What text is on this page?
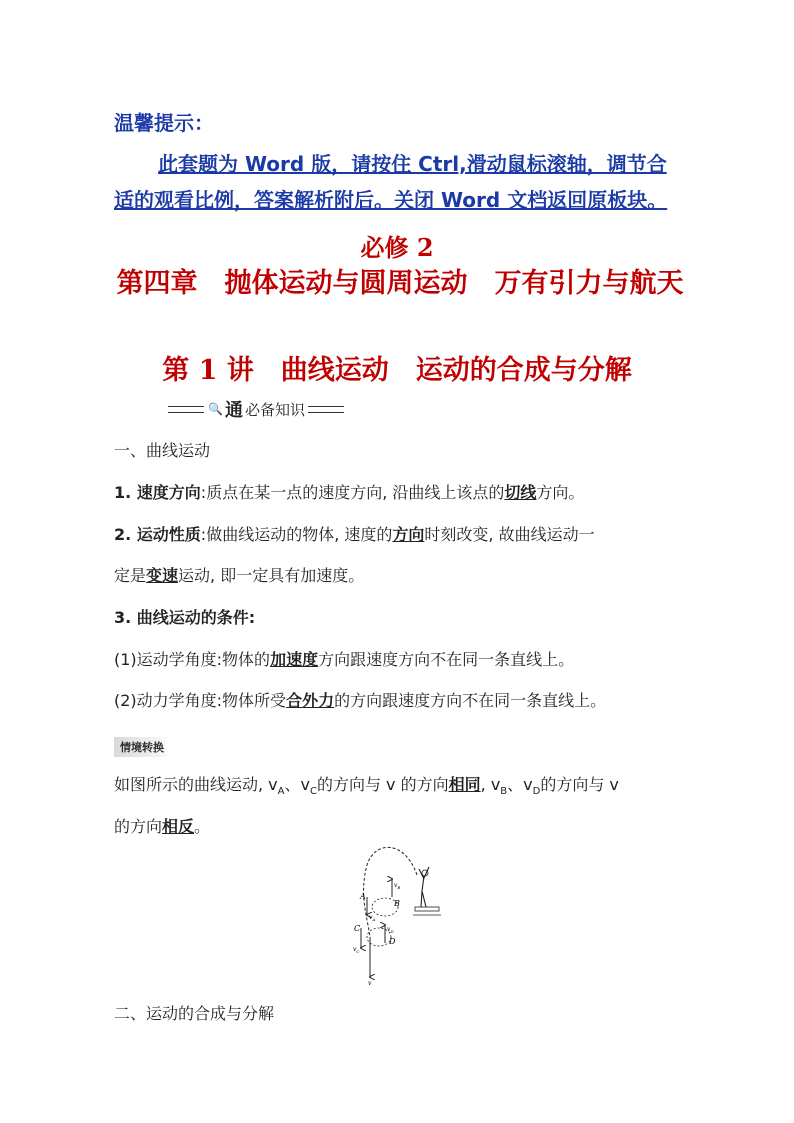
温馨提示：
此套题为 Word 版，请按住 Ctrl,滑动鼠标滚轴，调节合
适的观看比例，答案解析附后。关闭 Word 文档返回原板块。
必修 2
第四章　抛体运动与圆周运动　万有引力与航天
第 1 讲　曲线运动　运动的合成与分解
🔍 通 必备知识
一、曲线运动
1. 速度方向:质点在某一点的速度方向, 沿曲线上该点的切线方向。
2. 运动性质:做曲线运动的物体, 速度的方向时刻改变, 故曲线运动一
定是变速运动, 即一定具有加速度。
3. 曲线运动的条件:
(1)运动学角度:物体的加速度方向跟速度方向不在同一条直线上。
(2)动力学角度:物体所受合外力的方向跟速度方向不在同一条直线上。
情境转换
如图所示的曲线运动, $v_A$、$v_C$的方向与 v 的方向相同, $v_B$、$v_D$的方向与 v
的方向相反。
A
B
C
D
$v_B$
$v_A$
$v_D$
$v_C$
v
二、运动的合成与分解
